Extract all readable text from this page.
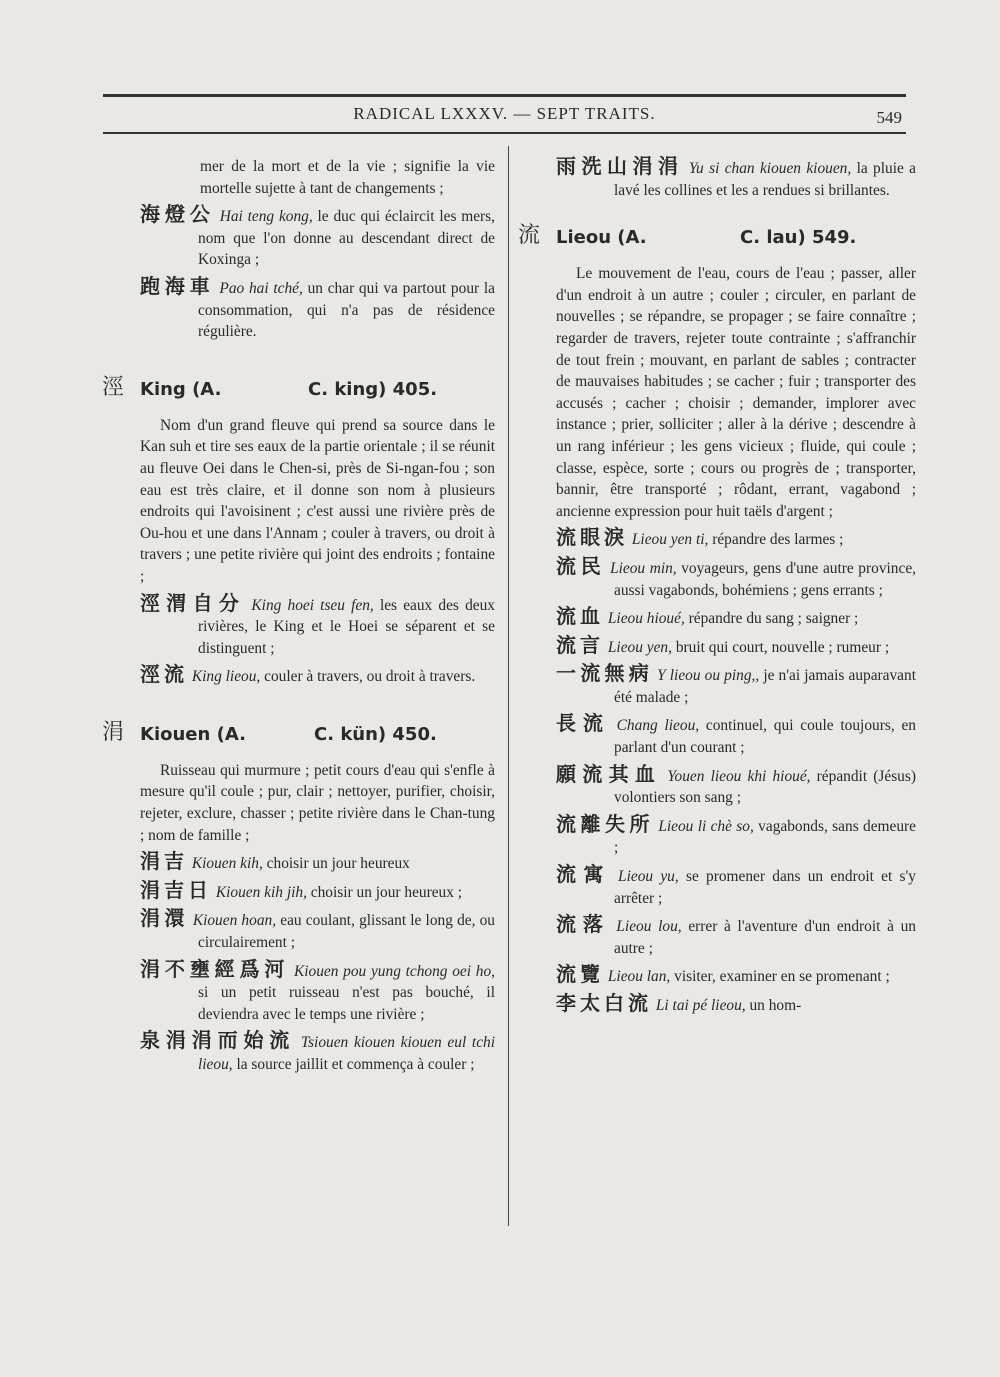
RADICAL LXXXV. — SEPT TRAITS.	549

mer de la mort et de la vie ; signifie la vie mortelle sujette à tant de changements ;

海燈公 Hai teng kong, le duc qui éclaircit les mers, nom que l'on donne au descendant direct de Koxinga ;

跑海車 Pao hai tché, un char qui va partout pour la consommation, qui n'a pas de résidence régulière.

涇 King (A.	C. king) 405.

Nom d'un grand fleuve qui prend sa source dans le Kan suh et tire ses eaux de la partie orientale ; il se réunit au fleuve Oei dans le Chen-si, près de Si-ngan-fou ; son eau est très claire, et il donne son nom à plusieurs endroits qui l'avoisinent ; c'est aussi une rivière près de Ou-hou et une dans l'Annam ; couler à travers, ou droit à travers ; une petite rivière qui joint des endroits ; fontaine ;

涇渭自分 King hoei tseu fen, les eaux des deux rivières, le King et le Hoei se séparent et se distinguent ;

涇流 King lieou, couler à travers, ou droit à travers.

涓 Kiouen (A.	C. kün) 450.

Ruisseau qui murmure ; petit cours d'eau qui s'enfle à mesure qu'il coule ; pur, clair ; nettoyer, purifier, choisir, rejeter, exclure, chasser ; petite rivière dans le Chan-tung ; nom de famille ;

涓吉 Kiouen kih, choisir un jour heureux

涓吉日 Kiouen kih jih, choisir un jour heureux ;

涓澴 Kiouen hoan, eau coulant, glissant le long de, ou circulairement ;

涓不壅經爲河 Kiouen pou yung tchong oei ho, si un petit ruisseau n'est pas bouché, il deviendra avec le temps une rivière ;

泉涓涓而始流 Tsiouen kiouen kiouen eul tchi lieou, la source jaillit et commença à couler ;

雨洗山涓涓 Yu si chan kiouen kiouen, la pluie a lavé les collines et les a rendues si brillantes.

流 Lieou (A.	C. lau) 549.

Le mouvement de l'eau, cours de l'eau ; passer, aller d'un endroit à un autre ; couler ; circuler, en parlant de nouvelles ; se répandre, se propager ; se faire connaître ; regarder de travers, rejeter toute contrainte ; s'affranchir de tout frein ; mouvant, en parlant de sables ; contracter de mauvaises habitudes ; se cacher ; fuir ; transporter des accusés ; cacher ; choisir ; demander, implorer avec instance ; prier, solliciter ; aller à la dérive ; descendre à un rang inférieur ; les gens vicieux ; fluide, qui coule ; classe, espèce, sorte ; cours ou progrès de ; transporter, bannir, être transporté ; rôdant, errant, vagabond ; ancienne expression pour huit taëls d'argent ;

流眼淚 Lieou yen ti, répandre des larmes ;

流民 Lieou min, voyageurs, gens d'une autre province, aussi vagabonds, bohémiens ; gens errants ;

流血 Lieou hioué, répandre du sang ; saigner ;

流言 Lieou yen, bruit qui court, nouvelle ; rumeur ;

一流無病 Y lieou ou ping,, je n'ai jamais auparavant été malade ;

長流 Chang lieou, continuel, qui coule toujours, en parlant d'un courant ;

願流其血 Youen lieou khi hioué, répandit (Jésus) volontiers son sang ;

流離失所 Lieou li chè so, vagabonds, sans demeure ;

流寓 Lieou yu, se promener dans un endroit et s'y arrêter ;

流落 Lieou lou, errer à l'aventure d'un endroit à un autre ;

流覽 Lieou lan, visiter, examiner en se promenant ;

李太白流 Li tai pé lieou, un hom-
